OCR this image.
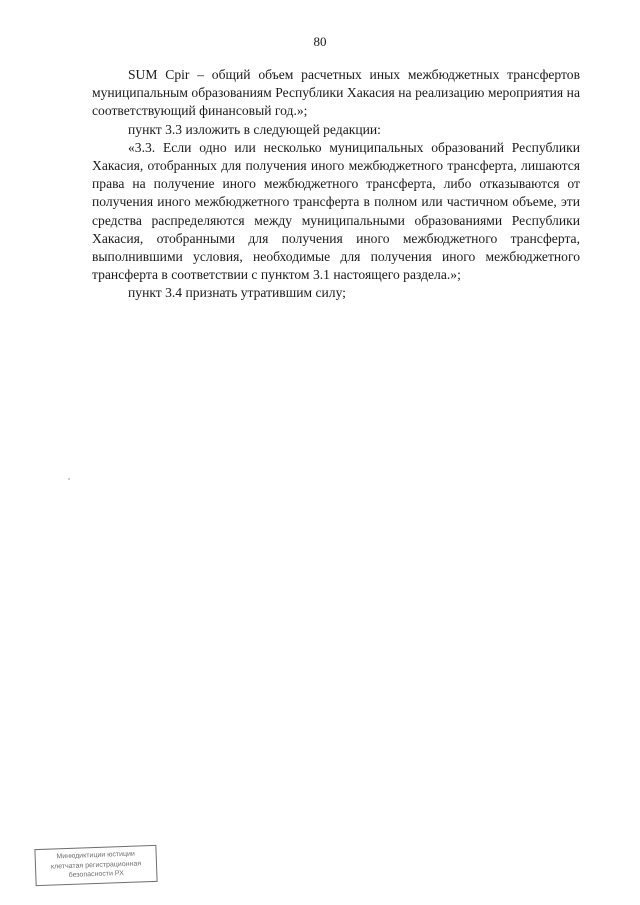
80

SUM Cpir – общий объем расчетных иных межбюджетных трансфертов муниципальным образованиям Республики Хакасия на реализацию мероприятия на соответствующий финансовый год.»;

пункт 3.3 изложить в следующей редакции:

«3.3. Если одно или несколько муниципальных образований Республики Хакасия, отобранных для получения иного межбюджетного трансферта, лишаются права на получение иного межбюджетного трансферта, либо отказываются от получения иного межбюджетного трансферта в полном или частичном объеме, эти средства распределяются между муниципальными образованиями Республики Хакасия, отобранными для получения иного межбюджетного трансферта, выполнившими условия, необходимые для получения иного межбюджетного трансферта в соответствии с пунктом 3.1 настоящего раздела.»;

пункт 3.4 признать утратившим силу;

Минюдиктиции юстиции
клетчатая регистрационная
безопасности РХ
